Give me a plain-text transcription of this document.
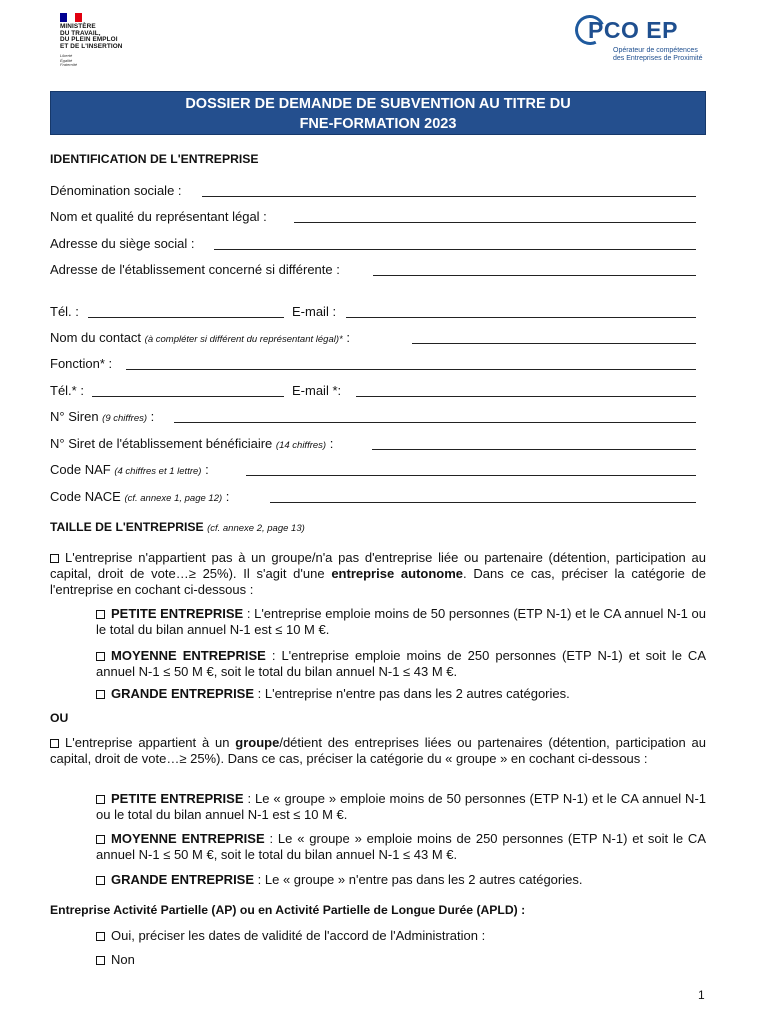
MINISTÈRE
DU TRAVAIL,
DU PLEIN EMPLOI
ET DE L'INSERTION
Liberté
Égalité
Fraternité
PCO EP
Opérateur de compétences
des Entreprises de Proximité
DOSSIER DE DEMANDE DE SUBVENTION AU TITRE DU
FNE-FORMATION 2023
IDENTIFICATION DE L'ENTREPRISE
Dénomination sociale :
Nom et qualité du représentant légal :
Adresse du siège social :
Adresse de l'établissement concerné si différente :
Tél. :	E-mail :
Nom du contact (à compléter si différent du représentant légal)* :
Fonction* :
Tél.* :	E-mail *:
N° Siren (9 chiffres) :
N° Siret de l'établissement bénéficiaire (14 chiffres) :
Code NAF (4 chiffres et 1 lettre) :
Code NACE (cf. annexe 1, page 12) :
TAILLE DE L'ENTREPRISE (cf. annexe 2, page 13)
L'entreprise n'appartient pas à un groupe/n'a pas d'entreprise liée ou partenaire (détention, participation au capital, droit de vote…≥ 25%). Il s'agit d'une entreprise autonome. Dans ce cas, préciser la catégorie de l'entreprise en cochant ci-dessous :
PETITE ENTREPRISE : L'entreprise emploie moins de 50 personnes (ETP N-1) et le CA annuel N-1 ou le total du bilan annuel N-1 est ≤ 10 M €.
MOYENNE ENTREPRISE : L'entreprise emploie moins de 250 personnes (ETP N-1) et soit le CA annuel N-1 ≤ 50 M €, soit le total du bilan annuel N-1 ≤ 43 M €.
GRANDE ENTREPRISE : L'entreprise n'entre pas dans les 2 autres catégories.
OU
L'entreprise appartient à un groupe/détient des entreprises liées ou partenaires (détention, participation au capital, droit de vote…≥ 25%). Dans ce cas, préciser la catégorie du « groupe » en cochant ci-dessous :
PETITE ENTREPRISE : Le « groupe » emploie moins de 50 personnes (ETP N-1) et le CA annuel N-1 ou le total du bilan annuel N-1 est ≤ 10 M €.
MOYENNE ENTREPRISE : Le « groupe » emploie moins de 250 personnes (ETP N-1) et soit le CA annuel N-1 ≤ 50 M €, soit le total du bilan annuel N-1 ≤ 43 M €.
GRANDE ENTREPRISE : Le « groupe » n'entre pas dans les 2 autres catégories.
Entreprise Activité Partielle (AP) ou en Activité Partielle de Longue Durée (APLD) :
Oui, préciser les dates de validité de l'accord de l'Administration :
Non
1
